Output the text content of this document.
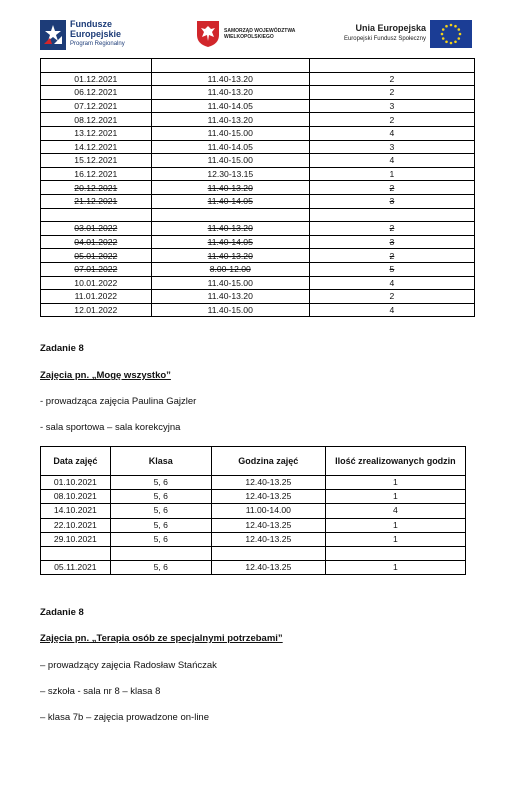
Fundusze
Europejskie
Program Regionalny
SAMORZĄD WOJEWÓDZTWA
WIELKOPOLSKIEGO
Unia Europejska
Europejski Fundusz Społeczny

01.12.2021	11.40-13.20	2
06.12.2021	11.40-13.20	2
07.12.2021	11.40-14.05	3
08.12.2021	11.40-13.20	2
13.12.2021	11.40-15.00	4
14.12.2021	11.40-14.05	3
15.12.2021	11.40-15.00	4
16.12.2021	12.30-13.15	1
20.12.2021	11.40-13.20	2
21.12.2021	11.40-14.05	3

03.01.2022	11.40-13.20	2
04.01.2022	11.40-14.05	3
05.01.2022	11.40-13.20	2
07.01.2022	8.00-12.00	5
10.01.2022	11.40-15.00	4
11.01.2022	11.40-13.20	2
12.01.2022	11.40-15.00	4
Zadanie 8
Zajęcia pn. „Mogę wszystko”
- prowadząca zajęcia Paulina Gajzler
- sala sportowa – sala korekcyjna
Data zajęć	Klasa	Godzina zajęć	Ilość zrealizowanych godzin
01.10.2021	5, 6	12.40-13.25	1
08.10.2021	5, 6	12.40-13.25	1
14.10.2021	5, 6	11.00-14.00	4
22.10.2021	5, 6	12.40-13.25	1
29.10.2021	5, 6	12.40-13.25	1

05.11.2021	5, 6	12.40-13.25	1
Zadanie 8
Zajęcia pn. „Terapia osób ze specjalnymi potrzebami”
– prowadzący zajęcia Radosław Stańczak
– szkoła - sala nr 8 – klasa 8
– klasa 7b – zajęcia prowadzone on-line
